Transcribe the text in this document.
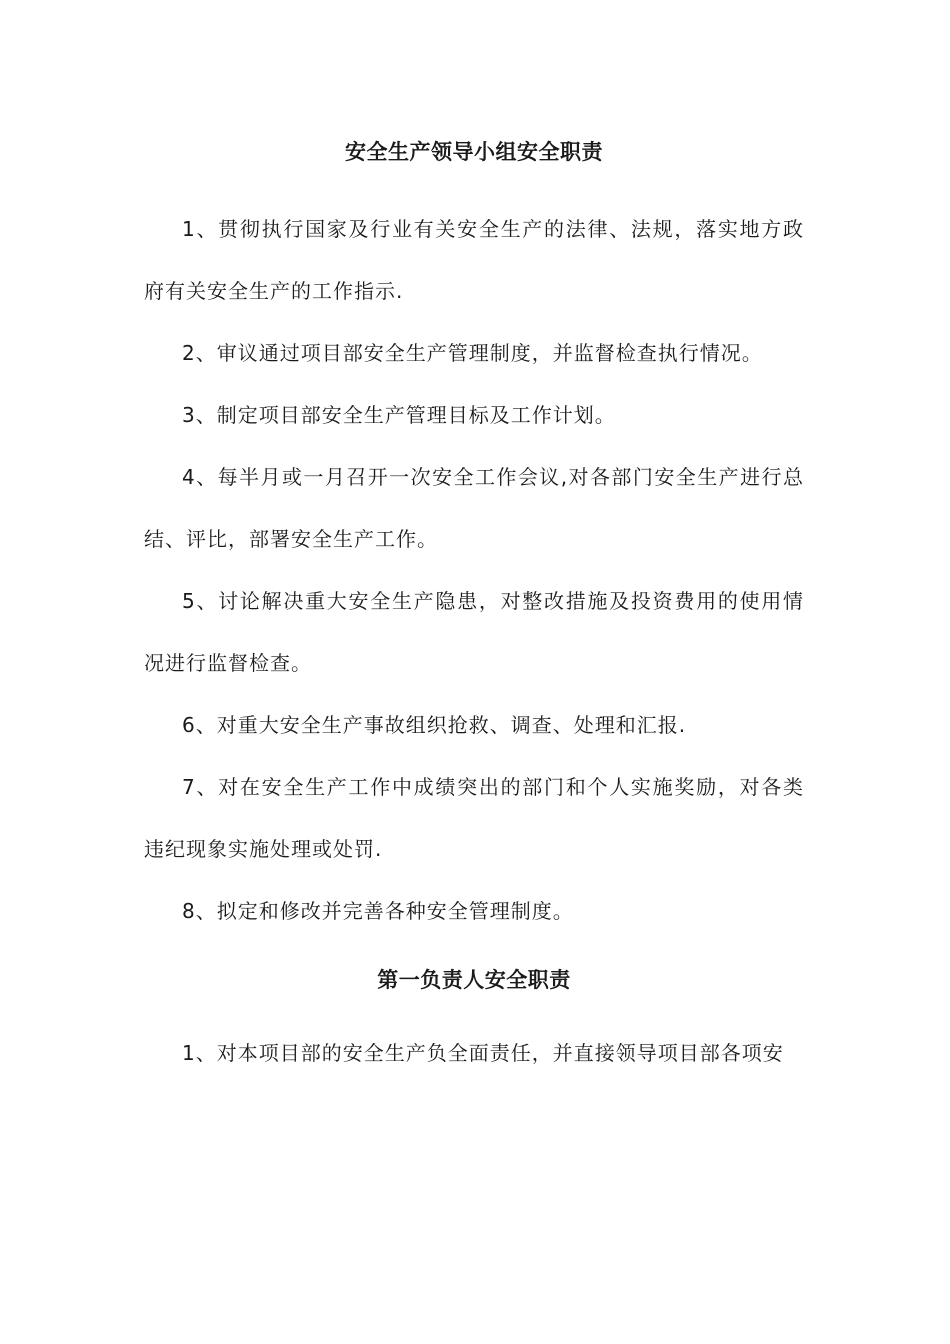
安全生产领导小组安全职责

1、贯彻执行国家及行业有关安全生产的法律、法规，落实地方政府有关安全生产的工作指示.

2、审议通过项目部安全生产管理制度，并监督检查执行情况。

3、制定项目部安全生产管理目标及工作计划。

4、每半月或一月召开一次安全工作会议,对各部门安全生产进行总结、评比，部署安全生产工作。

5、讨论解决重大安全生产隐患，对整改措施及投资费用的使用情况进行监督检查。

6、对重大安全生产事故组织抢救、调查、处理和汇报.

7、对在安全生产工作中成绩突出的部门和个人实施奖励，对各类违纪现象实施处理或处罚.

8、拟定和修改并完善各种安全管理制度。

第一负责人安全职责

1、对本项目部的安全生产负全面责任，并直接领导项目部各项安
